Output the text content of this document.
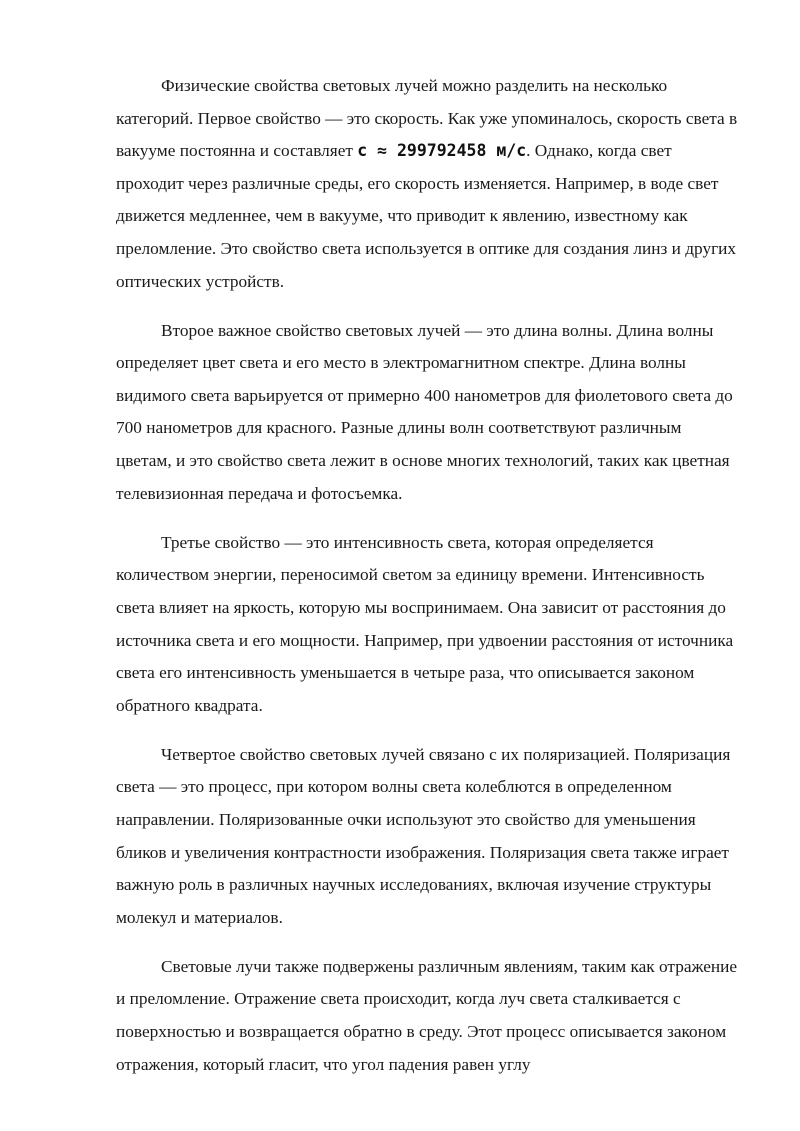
Физические свойства световых лучей можно разделить на несколько категорий. Первое свойство — это скорость. Как уже упоминалось, скорость света в вакууме постоянна и составляет c ≈ 299792458 м/с. Однако, когда свет проходит через различные среды, его скорость изменяется. Например, в воде свет движется медленнее, чем в вакууме, что приводит к явлению, известному как преломление. Это свойство света используется в оптике для создания линз и других оптических устройств.

Второе важное свойство световых лучей — это длина волны. Длина волны определяет цвет света и его место в электромагнитном спектре. Длина волны видимого света варьируется от примерно 400 нанометров для фиолетового света до 700 нанометров для красного. Разные длины волн соответствуют различным цветам, и это свойство света лежит в основе многих технологий, таких как цветная телевизионная передача и фотосъемка.

Третье свойство — это интенсивность света, которая определяется количеством энергии, переносимой светом за единицу времени. Интенсивность света влияет на яркость, которую мы воспринимаем. Она зависит от расстояния до источника света и его мощности. Например, при удвоении расстояния от источника света его интенсивность уменьшается в четыре раза, что описывается законом обратного квадрата.

Четвертое свойство световых лучей связано с их поляризацией. Поляризация света — это процесс, при котором волны света колеблются в определенном направлении. Поляризованные очки используют это свойство для уменьшения бликов и увеличения контрастности изображения. Поляризация света также играет важную роль в различных научных исследованиях, включая изучение структуры молекул и материалов.

Световые лучи также подвержены различным явлениям, таким как отражение и преломление. Отражение света происходит, когда луч света сталкивается с поверхностью и возвращается обратно в среду. Этот процесс описывается законом отражения, который гласит, что угол падения равен углу
